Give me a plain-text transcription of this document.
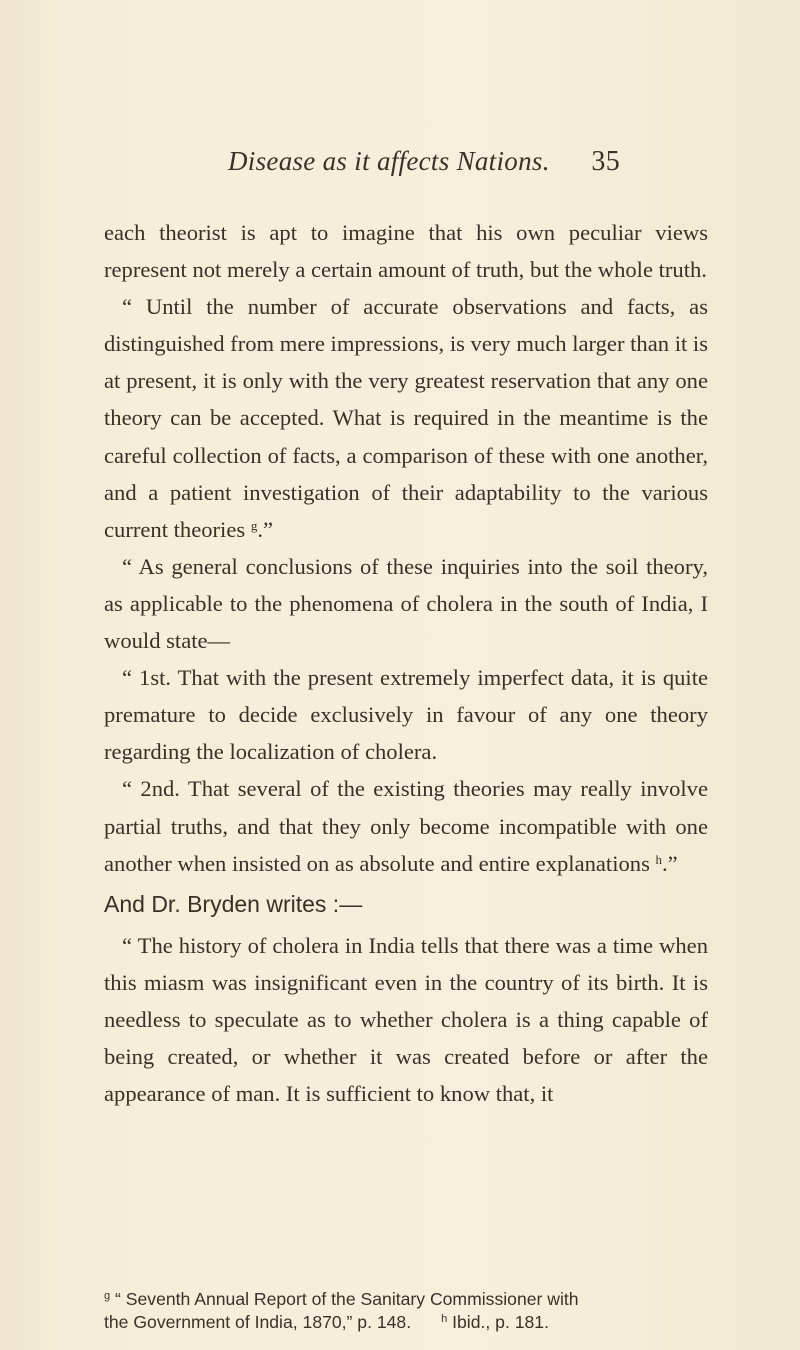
Disease as it affects Nations. 35

each theorist is apt to imagine that his own peculiar views represent not merely a certain amount of truth, but the whole truth.

“ Until the number of accurate observations and facts, as distinguished from mere impressions, is very much larger than it is at present, it is only with the very greatest reservation that any one theory can be accepted. What is required in the meantime is the careful collection of facts, a comparison of these with one another, and a patient investigation of their adaptability to the various current theories $^g$.”

“ As general conclusions of these inquiries into the soil theory, as applicable to the phenomena of cholera in the south of India, I would state—

“ 1st. That with the present extremely imperfect data, it is quite premature to decide exclusively in favour of any one theory regarding the localization of cholera.

“ 2nd. That several of the existing theories may really involve partial truths, and that they only become incompatible with one another when insisted on as absolute and entire explanations $^h$.”

And Dr. Bryden writes :—

“ The history of cholera in India tells that there was a time when this miasm was insignificant even in the country of its birth. It is needless to speculate as to whether cholera is a thing capable of being created, or whether it was created before or after the appearance of man. It is sufficient to know that, it

$^g$ “ Seventh Annual Report of the Sanitary Commissioner with
the Government of India, 1870,” p. 148.	$^h$ Ibid., p. 181.
